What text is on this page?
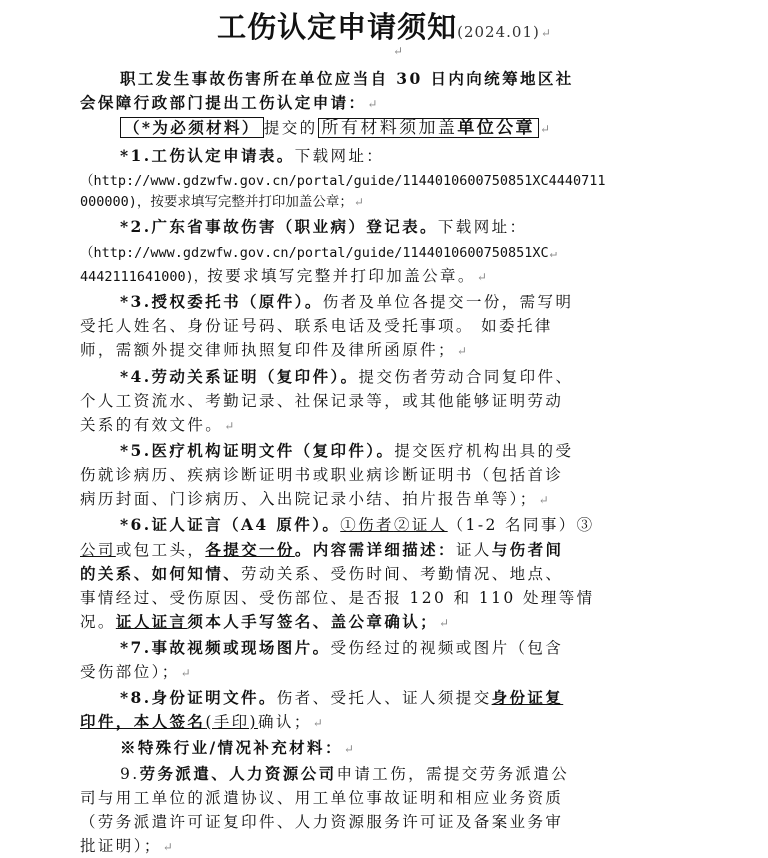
工伤认定申请须知(2024.01)↵
↵
职工发生事故伤害所在单位应当自 30 日内向统筹地区社
会保障行政部门提出工伤认定申请：↵
（*为必须材料） 提交的 所有材料须加盖单位公章 ↵
*1.工伤认定申请表。下载网址：
（http://www.gdzwfw.gov.cn/portal/guide/1144010600750851XC4440711
000000)，按要求填写完整并打印加盖公章；↵
*2.广东省事故伤害（职业病）登记表。下载网址：
（http://www.gdzwfw.gov.cn/portal/guide/1144010600750851XC↵
4442111641000)，按要求填写完整并打印加盖公章。↵
*3.授权委托书（原件）。伤者及单位各提交一份，需写明
受托人姓名、身份证号码、联系电话及受托事项。 如委托律
师，需额外提交律师执照复印件及律所函原件；↵
*4.劳动关系证明（复印件）。提交伤者劳动合同复印件、
个人工资流水、考勤记录、社保记录等，或其他能够证明劳动
关系的有效文件。↵
*5.医疗机构证明文件（复印件）。提交医疗机构出具的受
伤就诊病历、疾病诊断证明书或职业病诊断证明书（包括首诊
病历封面、门诊病历、入出院记录小结、拍片报告单等）；↵
*6.证人证言（A4 原件）。①伤者②证人（1-2 名同事）③
公司或包工头，各提交一份。内容需详细描述：证人与伤者间
的关系、如何知情、劳动关系、受伤时间、考勤情况、地点、
事情经过、受伤原因、受伤部位、是否报 120 和 110 处理等情
况。证人证言须本人手写签名、盖公章确认；↵
*7.事故视频或现场图片。受伤经过的视频或图片（包含
受伤部位）；↵
*8.身份证明文件。伤者、受托人、证人须提交身份证复
印件，本人签名(手印)确认；↵
※特殊行业/情况补充材料：↵
9.劳务派遣、人力资源公司申请工伤，需提交劳务派遣公
司与用工单位的派遣协议、用工单位事故证明和相应业务资质
（劳务派遣许可证复印件、人力资源服务许可证及备案业务审
批证明）；↵
